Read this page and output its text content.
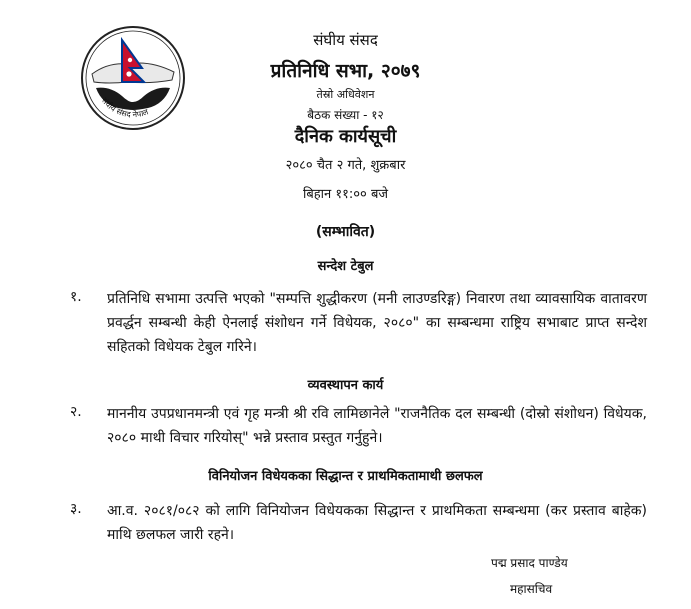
संघीय संसद नेपाल
संघीय संसद
प्रतिनिधि सभा, २०७९
तेस्रो अधिवेशन
बैठक संख्या - १२
दैनिक कार्यसूची
२०८० चैत २ गते, शुक्रबार
बिहान ११:०० बजे
(सम्भावित)
सन्देश टेबुल
१. प्रतिनिधि सभामा उत्पत्ति भएको "सम्पत्ति शुद्धीकरण (मनी लाउण्डरिङ्ग) निवारण तथा व्यावसायिक वातावरण प्रवर्द्धन सम्बन्धी केही ऐनलाई संशोधन गर्ने विधेयक, २०८०" का सम्बन्धमा राष्ट्रिय सभाबाट प्राप्त सन्देश सहितको विधेयक टेबुल गरिने।
व्यवस्थापन कार्य
२. माननीय उपप्रधानमन्त्री एवं गृह मन्त्री श्री रवि लामिछानेले "राजनैतिक दल सम्बन्धी (दोस्रो संशोधन) विधेयक, २०८० माथी विचार गरियोस्" भन्ने प्रस्ताव प्रस्तुत गर्नुहुने।
विनियोजन विधेयकका सिद्धान्त र प्राथमिकतामाथी छलफल
३. आ.व. २०८१/०८२ को लागि विनियोजन विधेयकका सिद्धान्त र प्राथमिकता सम्बन्धमा (कर प्रस्ताव बाहेक) माथि छलफल जारी रहने।
पद्म प्रसाद पाण्डेय
महासचिव
